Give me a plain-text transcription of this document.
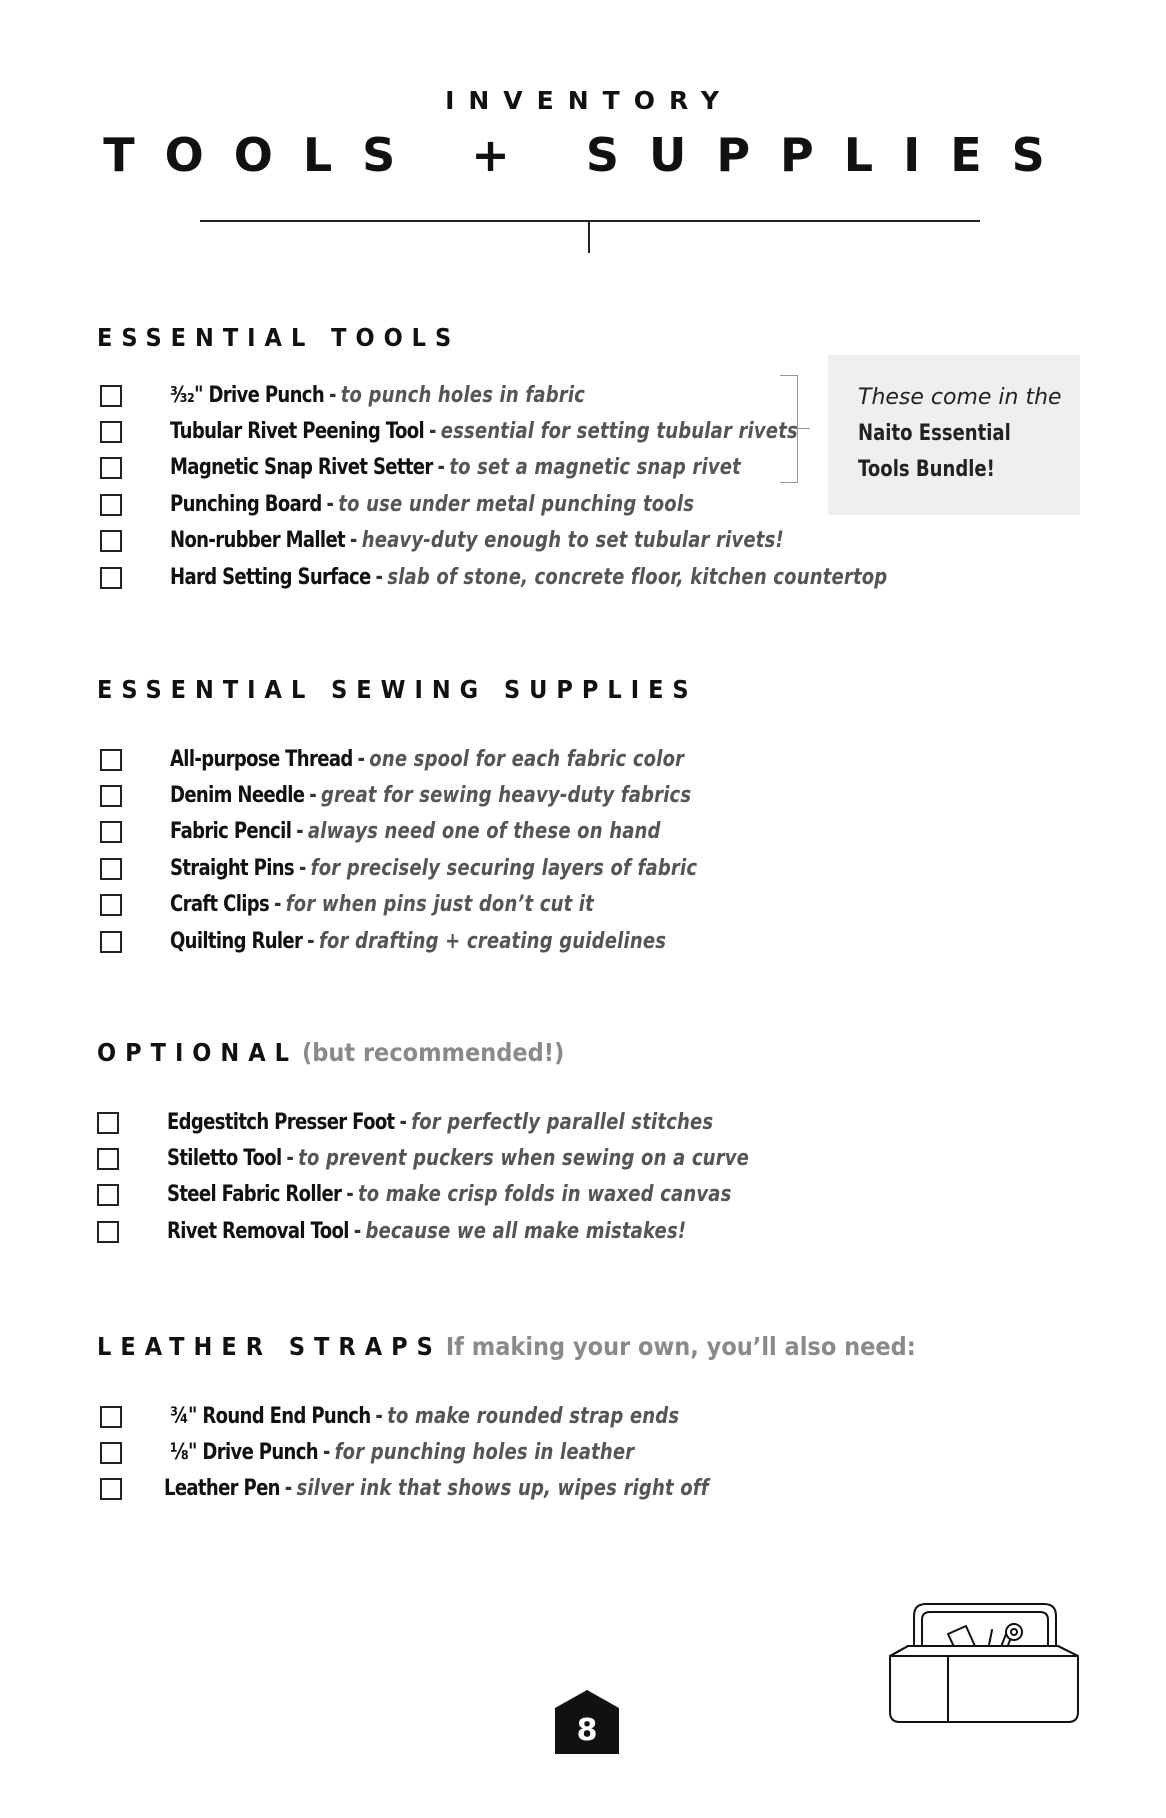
INVENTORY
TOOLS + SUPPLIES
ESSENTIAL TOOLS
³⁄₃₂" Drive Punch - to punch holes in fabric
Tubular Rivet Peening Tool - essential for setting tubular rivets
Magnetic Snap Rivet Setter - to set a magnetic snap rivet
Punching Board - to use under metal punching tools
Non-rubber Mallet - heavy-duty enough to set tubular rivets!
Hard Setting Surface - slab of stone, concrete floor, kitchen countertop
These come in the
Naito Essential
Tools Bundle!
ESSENTIAL SEWING SUPPLIES
All-purpose Thread - one spool for each fabric color
Denim Needle - great for sewing heavy-duty fabrics
Fabric Pencil - always need one of these on hand
Straight Pins - for precisely securing layers of fabric
Craft Clips - for when pins just don’t cut it
Quilting Ruler - for drafting + creating guidelines
OPTIONAL (but recommended!)
Edgestitch Presser Foot - for perfectly parallel stitches
Stiletto Tool - to prevent puckers when sewing on a curve
Steel Fabric Roller - to make crisp folds in waxed canvas
Rivet Removal Tool - because we all make mistakes!
LEATHER STRAPS If making your own, you’ll also need:
¾" Round End Punch - to make rounded strap ends
⅛" Drive Punch - for punching holes in leather
Leather Pen - silver ink that shows up, wipes right off
8
